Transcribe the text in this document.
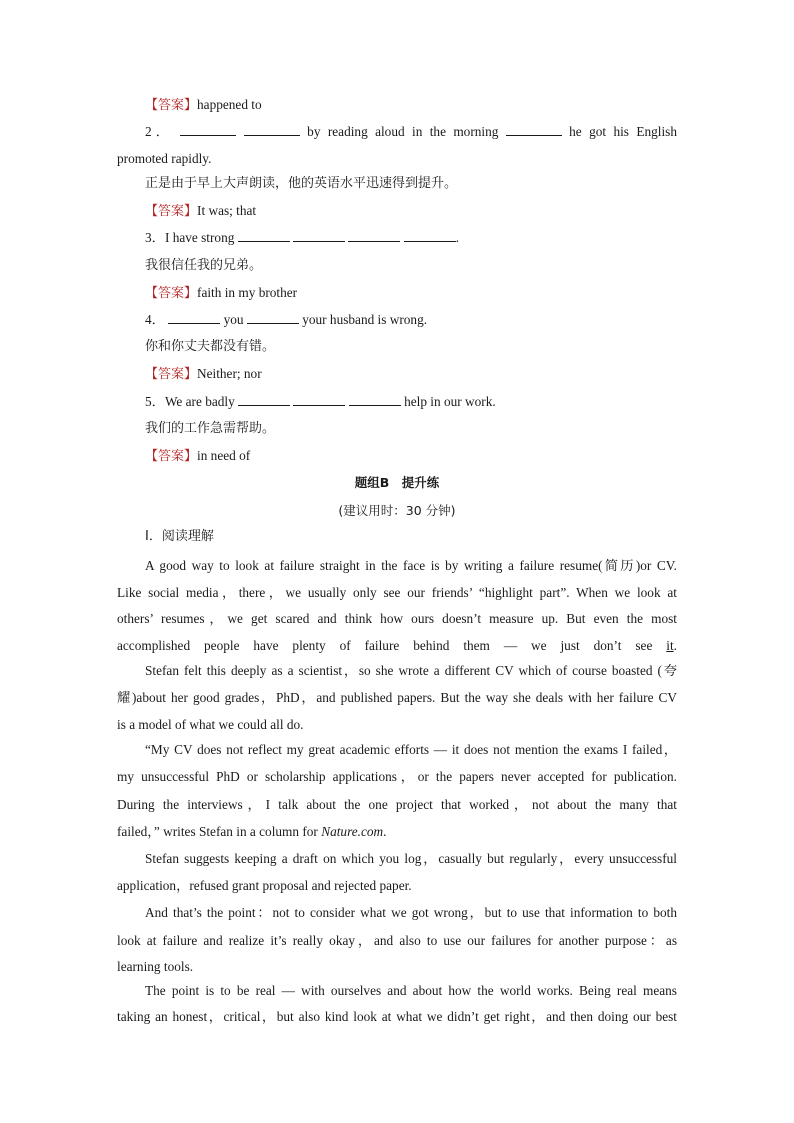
【答案】happened to
2．	by reading aloud in the morning	he got his English
promoted rapidly.
正是由于早上大声朗读，他的英语水平迅速得到提升。
【答案】It was; that
3．I have strong	.
我很信任我的兄弟。
【答案】faith in my brother
4．	you	your husband is wrong.
你和你丈夫都没有错。
【答案】Neither; nor
5．We are badly	help in our work.
我们的工作急需帮助。
【答案】in need of
题组B　提升练
(建议用时：30 分钟)
Ⅰ．阅读理解
A good way to look at failure straight in the face is by writing a failure resume(简历)or CV.
Like social media，there，we usually only see our friends’ “highlight part”. When we look at
others’ resumes，we get scared and think how ours doesn’t measure up. But even the most
accomplished people have plenty of failure behind them — we just don’t see it.
Stefan felt this deeply as a scientist，so she wrote a different CV which of course boasted (夸
耀)about her good grades，PhD，and published papers. But the way she deals with her failure CV
is a model of what we could all do.
“My CV does not reflect my great academic efforts — it does not mention the exams I failed，
my unsuccessful PhD or scholarship applications，or the papers never accepted for publication.
During the interviews，I talk about the one project that worked，not about the many that
failed，” writes Stefan in a column for Nature.com.
Stefan suggests keeping a draft on which you log，casually but regularly，every unsuccessful
application，refused grant proposal and rejected paper.
And that’s the point：not to consider what we got wrong，but to use that information to both
look at failure and realize it’s really okay，and also to use our failures for another purpose：as
learning tools.
The point is to be real — with ourselves and about how the world works. Being real means
taking an honest，critical，but also kind look at what we didn’t get right，and then doing our best
